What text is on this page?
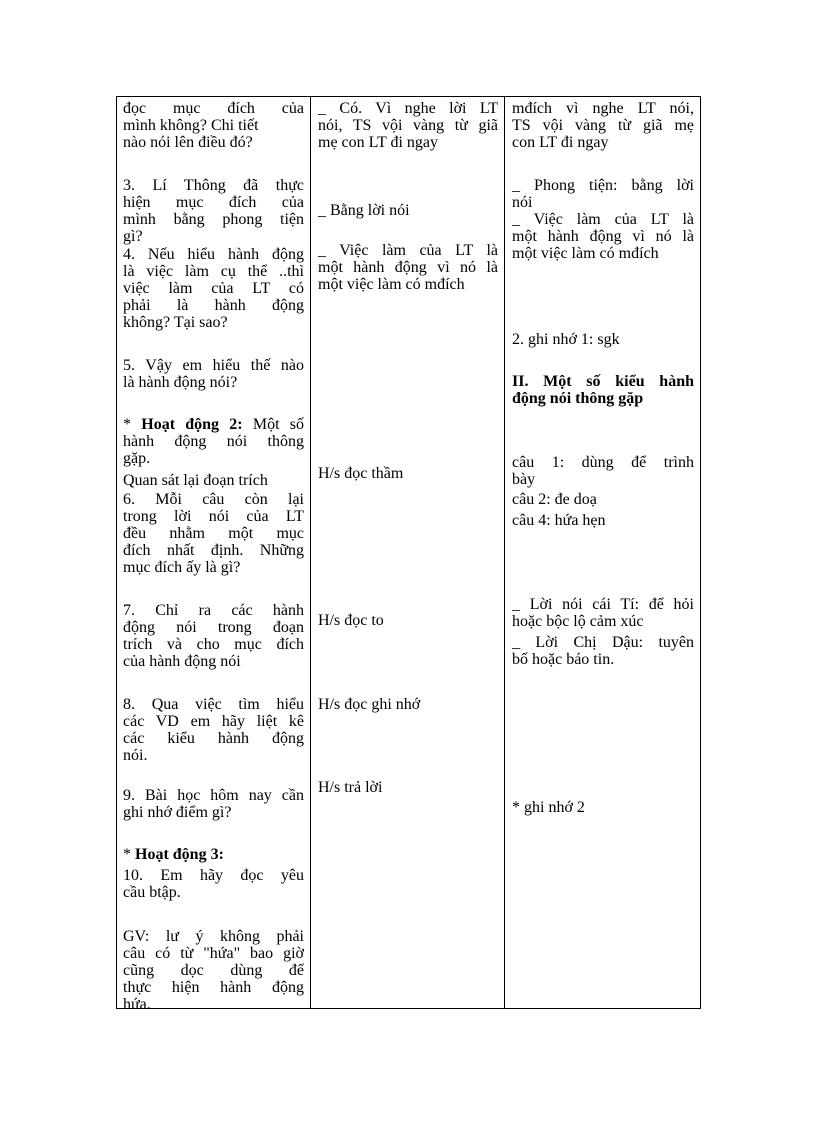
đọc mục đích của
mình không? Chi tiết
nào nói lên điều đó?
3. Lí Thông đã thực
hiện mục đích của
mình bằng phong tiện
gì?
4. Nếu hiểu hành động
là việc làm cụ thể ..thì
việc làm của LT có
phải là hành động
không? Tại sao?
5. Vậy em hiểu thế nào
là hành động nói?
* Hoạt động 2: Một số
hành động nói thông
gặp.
Quan sát lại đoạn trích
6. Mỗi câu còn lại
trong lời nói của LT
đều nhằm một mục
đích nhất định. Những
mục đích ấy là gì?
7. Chỉ ra các hành
động nói trong đoạn
trích và cho mục đích
của hành động nói
8. Qua việc tìm hiểu
các VD em hãy liệt kê
các kiểu hành động
nói.
9. Bài học hôm nay cần
ghi nhớ điểm gì?
* Hoạt động 3:
10. Em hãy đọc yêu
cầu btập.
GV: lư ý không phải
câu có từ "hứa" bao giờ
cũng dọc dùng để
thực hiện hành động
hứa.
_ Có. Vì nghe lời LT
nói, TS vội vàng từ giã
mẹ con LT đi ngay
_ Bằng lời nói
_ Việc làm của LT là
một hành động vì nó là
một việc làm có mđích
H/s đọc thầm
H/s đọc to
H/s đọc ghi nhớ
H/s trả lời
mđích vì nghe LT nói,
TS vội vàng từ giã mẹ
con LT đi ngay
_ Phong tiện: bằng lời
nói
_ Việc làm của LT là
một hành động vì nó là
một việc làm có mđích
2. ghi nhớ 1: sgk
II. Một số kiểu hành
động nói thông gặp
câu 1: dùng để trình
bày
câu 2: đe doạ
câu 4: hứa hẹn
_ Lời nói cái Tí: để hỏi
hoặc bộc lộ cảm xúc
_ Lời Chị Dậu: tuyên
bố hoặc báo tin.
* ghi nhớ 2
